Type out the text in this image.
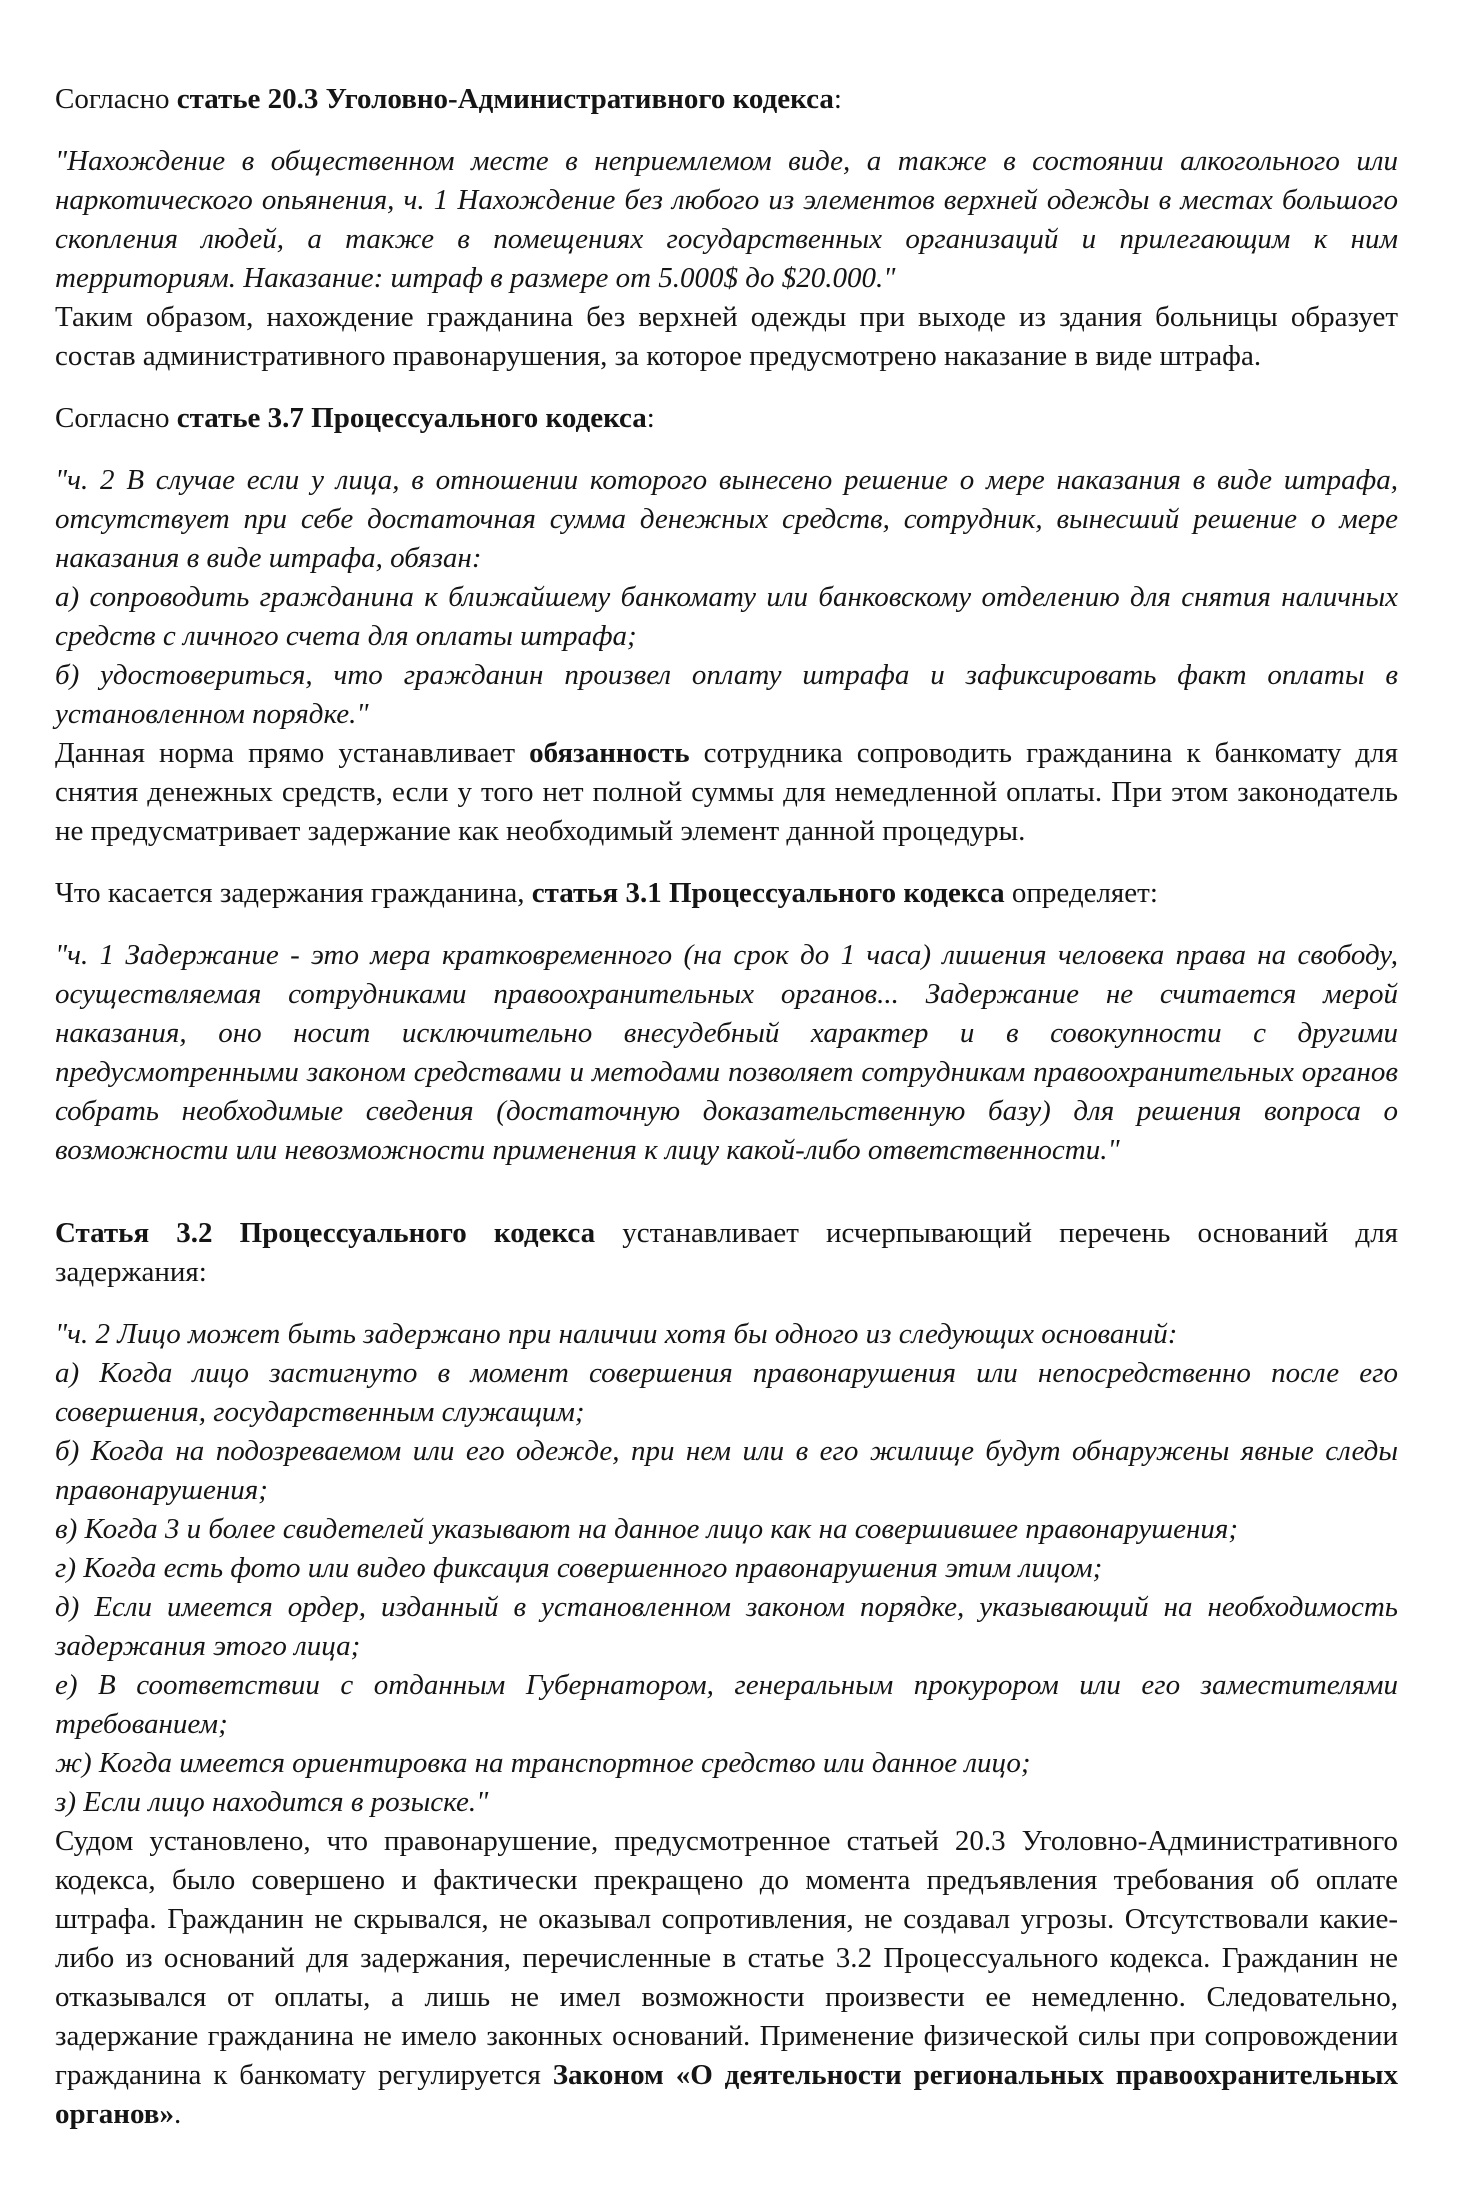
Согласно статье 20.3 Уголовно-Административного кодекса:

"Нахождение в общественном месте в неприемлемом виде, а также в состоянии алкогольного или наркотического опьянения, ч. 1 Нахождение без любого из элементов верхней одежды в местах большого скопления людей, а также в помещениях государственных организаций и прилегающим к ним территориям. Наказание: штраф в размере от 5.000$ до $20.000."

Таким образом, нахождение гражданина без верхней одежды при выходе из здания больницы образует состав административного правонарушения, за которое предусмотрено наказание в виде штрафа.

Согласно статье 3.7 Процессуального кодекса:

"ч. 2 В случае если у лица, в отношении которого вынесено решение о мере наказания в виде штрафа, отсутствует при себе достаточная сумма денежных средств, сотрудник, вынесший решение о мере наказания в виде штрафа, обязан:

а) сопроводить гражданина к ближайшему банкомату или банковскому отделению для снятия наличных средств с личного счета для оплаты штрафа;

б) удостовериться, что гражданин произвел оплату штрафа и зафиксировать факт оплаты в установленном порядке."

Данная норма прямо устанавливает обязанность сотрудника сопроводить гражданина к банкомату для снятия денежных средств, если у того нет полной суммы для немедленной оплаты. При этом законодатель не предусматривает задержание как необходимый элемент данной процедуры.

Что касается задержания гражданина, статья 3.1 Процессуального кодекса определяет:

"ч. 1 Задержание - это мера кратковременного (на срок до 1 часа) лишения человека права на свободу, осуществляемая сотрудниками правоохранительных органов... Задержание не считается мерой наказания, оно носит исключительно внесудебный характер и в совокупности с другими предусмотренными законом средствами и методами позволяет сотрудникам правоохранительных органов собрать необходимые сведения (достаточную доказательственную базу) для решения вопроса о возможности или невозможности применения к лицу какой-либо ответственности."

Статья 3.2 Процессуального кодекса устанавливает исчерпывающий перечень оснований для задержания:

"ч. 2 Лицо может быть задержано при наличии хотя бы одного из следующих оснований:

а) Когда лицо застигнуто в момент совершения правонарушения или непосредственно после его совершения, государственным служащим;

б) Когда на подозреваемом или его одежде, при нем или в его жилище будут обнаружены явные следы правонарушения;

в) Когда 3 и более свидетелей указывают на данное лицо как на совершившее правонарушения;

г) Когда есть фото или видео фиксация совершенного правонарушения этим лицом;

д) Если имеется ордер, изданный в установленном законом порядке, указывающий на необходимость задержания этого лица;

е) В соответствии с отданным Губернатором, генеральным прокурором или его заместителями требованием;

ж) Когда имеется ориентировка на транспортное средство или данное лицо;

з) Если лицо находится в розыске."

Судом установлено, что правонарушение, предусмотренное статьей 20.3 Уголовно-Административного кодекса, было совершено и фактически прекращено до момента предъявления требования об оплате штрафа. Гражданин не скрывался, не оказывал сопротивления, не создавал угрозы. Отсутствовали какие-либо из оснований для задержания, перечисленные в статье 3.2 Процессуального кодекса. Гражданин не отказывался от оплаты, а лишь не имел возможности произвести ее немедленно. Следовательно, задержание гражданина не имело законных оснований. Применение физической силы при сопровождении гражданина к банкомату регулируется Законом «О деятельности региональных правоохранительных органов».
